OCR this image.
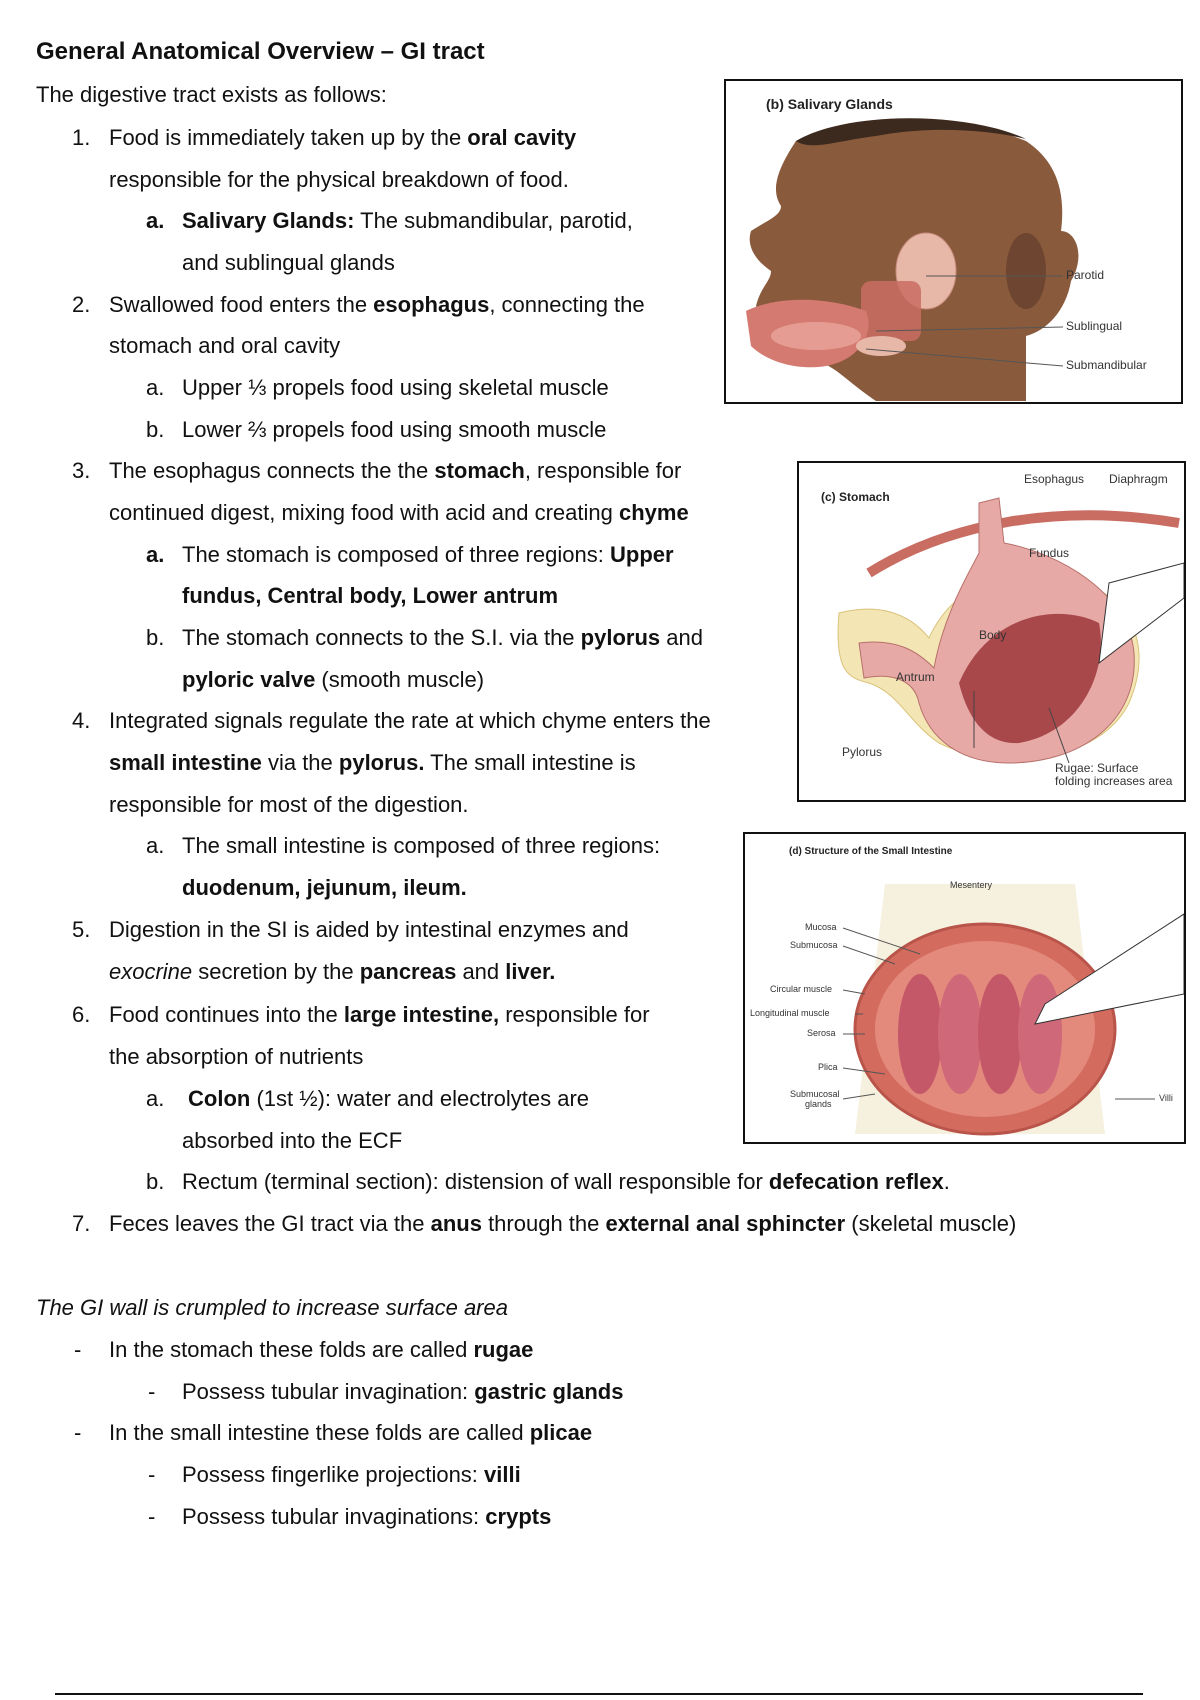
General Anatomical Overview – GI tract
The digestive tract exists as follows:
1. Food is immediately taken up by the oral cavity
responsible for the physical breakdown of food.
a. Salivary Glands: The submandibular, parotid,
and sublingual glands
2. Swallowed food enters the esophagus, connecting the
stomach and oral cavity
a. Upper ⅓ propels food using skeletal muscle
b. Lower ⅔ propels food using smooth muscle
3. The esophagus connects the the stomach, responsible for
continued digest, mixing food with acid and creating chyme
a. The stomach is composed of three regions: Upper
fundus, Central body, Lower antrum
b. The stomach connects to the S.I. via the pylorus and
pyloric valve (smooth muscle)
4. Integrated signals regulate the rate at which chyme enters the
small intestine via the pylorus. The small intestine is
responsible for most of the digestion.
a. The small intestine is composed of three regions:
duodenum, jejunum, ileum.
5. Digestion in the SI is aided by intestinal enzymes and
exocrine secretion by the pancreas and liver.
6. Food continues into the large intestine, responsible for
the absorption of nutrients
a. Colon (1st ½): water and electrolytes are
absorbed into the ECF
b. Rectum (terminal section): distension of wall responsible for defecation reflex.
7. Feces leaves the GI tract via the anus through the external anal sphincter (skeletal muscle)
The GI wall is crumpled to increase surface area
- In the stomach these folds are called rugae
- Possess tubular invagination: gastric glands
- In the small intestine these folds are called plicae
- Possess fingerlike projections: villi
- Possess tubular invaginations: crypts
(b) Salivary Glands
Parotid
Sublingual
Submandibular
(c) Stomach
Esophagus Diaphragm
Fundus
Body
Antrum
Pylorus
Rugae: Surface
folding increases area
(d) Structure of the Small Intestine
Mesentery
Mucosa
Submucosa
Circular muscle
Longitudinal muscle
Serosa
Plica
Submucosal
glands
Villi
